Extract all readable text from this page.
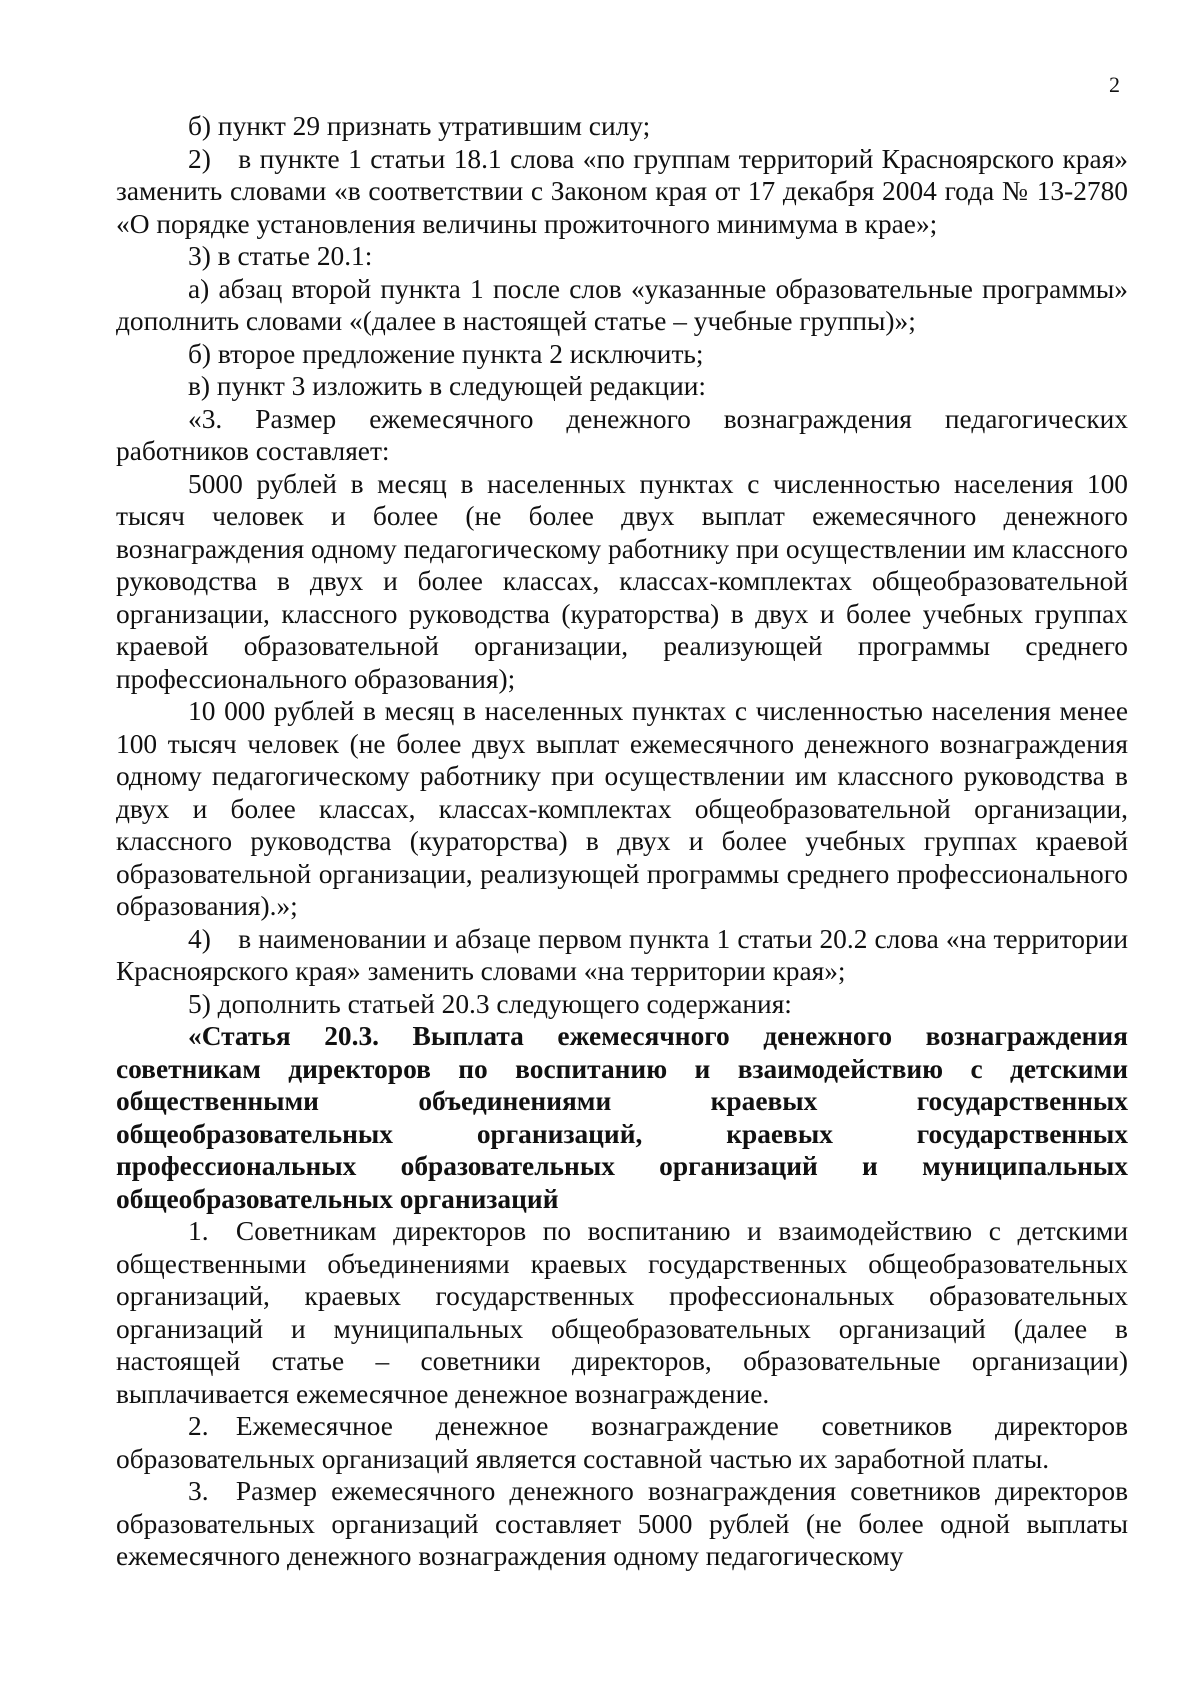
2

б) пункт 29 признать утратившим силу;

2) в пункте 1 статьи 18.1 слова «по группам территорий Красноярского края» заменить словами «в соответствии с Законом края от 17 декабря 2004 года № 13-2780 «О порядке установления величины прожиточного минимума в крае»;

3) в статье 20.1:

а) абзац второй пункта 1 после слов «указанные образовательные программы» дополнить словами «(далее в настоящей статье – учебные группы)»;

б) второе предложение пункта 2 исключить;

в) пункт 3 изложить в следующей редакции:

«3. Размер ежемесячного денежного вознаграждения педагогических работников составляет:

5000 рублей в месяц в населенных пунктах с численностью населения 100 тысяч человек и более (не более двух выплат ежемесячного денежного вознаграждения одному педагогическому работнику при осуществлении им классного руководства в двух и более классах, классах-комплектах общеобразовательной организации, классного руководства (кураторства) в двух и более учебных группах краевой образовательной организации, реализующей программы среднего профессионального образования);

10 000 рублей в месяц в населенных пунктах с численностью населения менее 100 тысяч человек (не более двух выплат ежемесячного денежного вознаграждения одному педагогическому работнику при осуществлении им классного руководства в двух и более классах, классах-комплектах общеобразовательной организации, классного руководства (кураторства) в двух и более учебных группах краевой образовательной организации, реализующей программы среднего профессионального образования).»;

4) в наименовании и абзаце первом пункта 1 статьи 20.2 слова «на территории Красноярского края» заменить словами «на территории края»;

5) дополнить статьей 20.3 следующего содержания:

«Статья 20.3. Выплата ежемесячного денежного вознаграждения советникам директоров по воспитанию и взаимодействию с детскими общественными объединениями краевых государственных общеобразовательных организаций, краевых государственных профессиональных образовательных организаций и муниципальных общеобразовательных организаций

1. Советникам директоров по воспитанию и взаимодействию с детскими общественными объединениями краевых государственных общеобразовательных организаций, краевых государственных профессиональных образовательных организаций и муниципальных общеобразовательных организаций (далее в настоящей статье – советники директоров, образовательные организации) выплачивается ежемесячное денежное вознаграждение.

2. Ежемесячное денежное вознаграждение советников директоров образовательных организаций является составной частью их заработной платы.

3. Размер ежемесячного денежного вознаграждения советников директоров образовательных организаций составляет 5000 рублей (не более одной выплаты ежемесячного денежного вознаграждения одному педагогическому
